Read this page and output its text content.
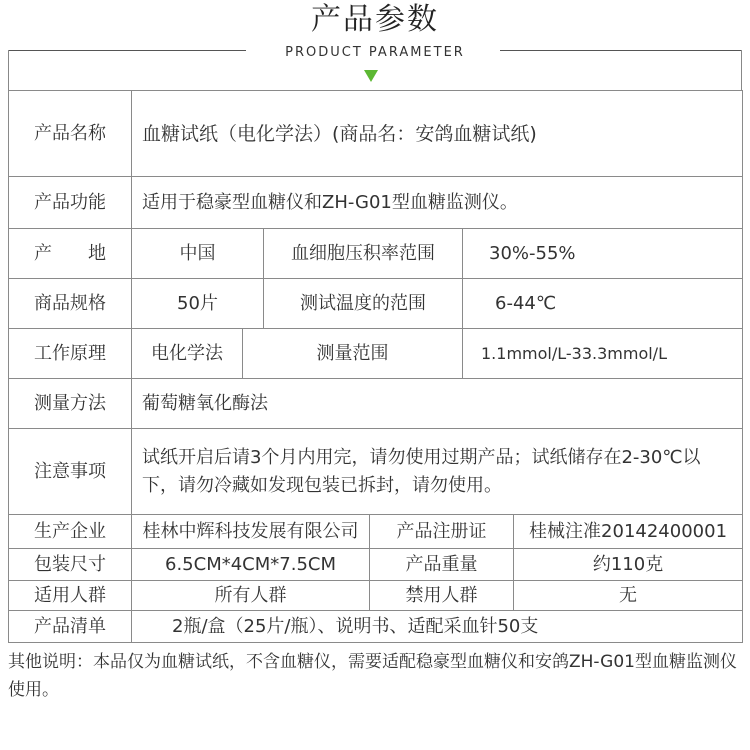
产品参数
PRODUCT PARAMETER
产品名称	血糖试纸（电化学法）(商品名：安鸽血糖试纸)					
产品功能	适用于稳豪型血糖仪和ZH-G01型血糖监测仪。					
产　　地	中国		血细胞压积率范围		30%-55%	
商品规格	50片		测试温度的范围		6-44℃	
工作原理	电化学法	测量范围			1.1mmol/L-33.3mmol/L	
测量方法	葡萄糖氧化酶法					
注意事项	试纸开启后请3个月内用完，请勿使用过期产品；试纸储存在2-30℃以下，请勿冷藏如发现包装已拆封，请勿使用。					
生产企业	桂林中辉科技发展有限公司			产品注册证		桂械注准20142400001
包装尺寸	6.5CM*4CM*7.5CM			产品重量		约110克
适用人群	所有人群			禁用人群		无
产品清单	2瓶/盒（25片/瓶）、说明书、适配采血针50支					
其他说明：本品仅为血糖试纸，不含血糖仪，需要适配稳豪型血糖仪和安鸽ZH-G01型血糖监测仪使用。
